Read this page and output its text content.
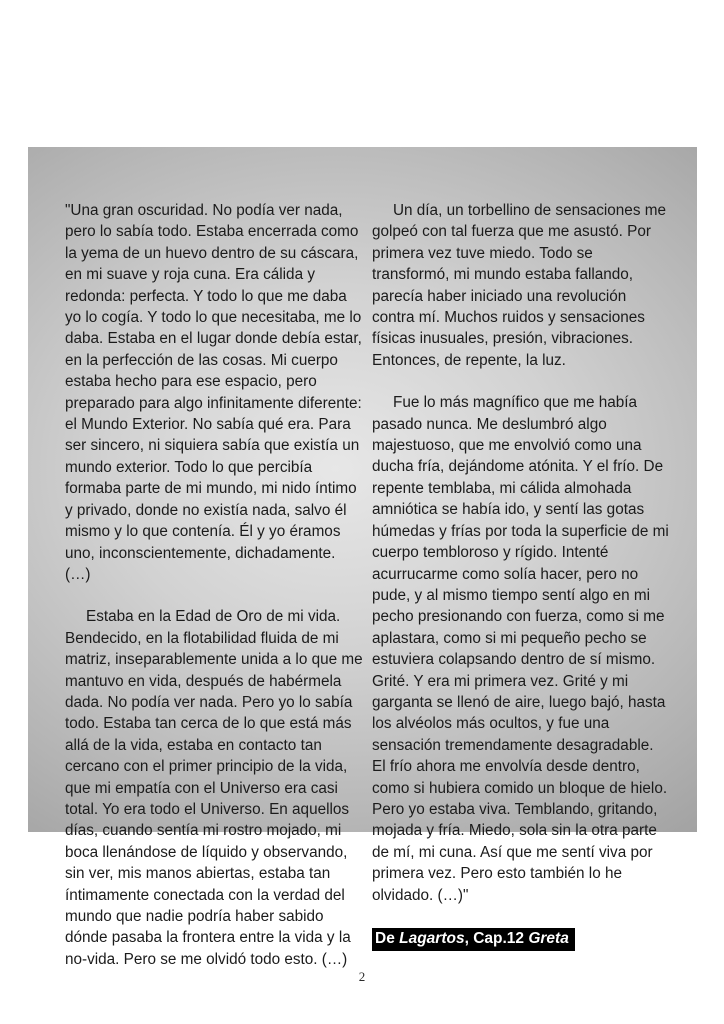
"Una gran oscuridad. No podía ver nada, pero lo sabía todo. Estaba encerrada como la yema de un huevo dentro de su cáscara, en mi suave y roja cuna. Era cálida y redonda: perfecta. Y todo lo que me daba yo lo cogía. Y todo lo que necesitaba, me lo daba. Estaba en el lugar donde debía estar, en la perfección de las cosas. Mi cuerpo estaba hecho para ese espacio, pero preparado para algo infinitamente diferente: el Mundo Exterior. No sabía qué era. Para ser sincero, ni siquiera sabía que existía un mundo exterior. Todo lo que percibía formaba parte de mi mundo, mi nido íntimo y privado, donde no existía nada, salvo él mismo y lo que contenía. Él y yo éramos uno, inconscientemente, dichadamente. (…)

Estaba en la Edad de Oro de mi vida. Bendecido, en la flotabilidad fluida de mi matriz, inseparablemente unida a lo que me mantuvo en vida, después de habérmela dada. No podía ver nada. Pero yo lo sabía todo. Estaba tan cerca de lo que está más allá de la vida, estaba en contacto tan cercano con el primer principio de la vida, que mi empatía con el Universo era casi total. Yo era todo el Universo. En aquellos días, cuando sentía mi rostro mojado, mi boca llenándose de líquido y observando, sin ver, mis manos abiertas, estaba tan íntimamente conectada con la verdad del mundo que nadie podría haber sabido dónde pasaba la frontera entre la vida y la no-vida. Pero se me olvidó todo esto. (…)

Un día, un torbellino de sensaciones me golpeó con tal fuerza que me asustó. Por primera vez tuve miedo. Todo se transformó, mi mundo estaba fallando, parecía haber iniciado una revolución contra mí. Muchos ruidos y sensaciones físicas inusuales, presión, vibraciones. Entonces, de repente, la luz.

Fue lo más magnífico que me había pasado nunca. Me deslumbró algo majestuoso, que me envolvió como una ducha fría, dejándome atónita. Y el frío. De repente temblaba, mi cálida almohada amniótica se había ido, y sentí las gotas húmedas y frías por toda la superficie de mi cuerpo tembloroso y rígido. Intenté acurrucarme como solía hacer, pero no pude, y al mismo tiempo sentí algo en mi pecho presionando con fuerza, como si me aplastara, como si mi pequeño pecho se estuviera colapsando dentro de sí mismo. Grité. Y era mi primera vez. Grité y mi garganta se llenó de aire, luego bajó, hasta los alvéolos más ocultos, y fue una sensación tremendamente desagradable. El frío ahora me envolvía desde dentro, como si hubiera comido un bloque de hielo. Pero yo estaba viva. Temblando, gritando, mojada y fría. Miedo, sola sin la otra parte de mí, mi cuna. Así que me sentí viva por primera vez. Pero esto también lo he olvidado. (…)"

De Lagartos, Cap.12 Greta
2
